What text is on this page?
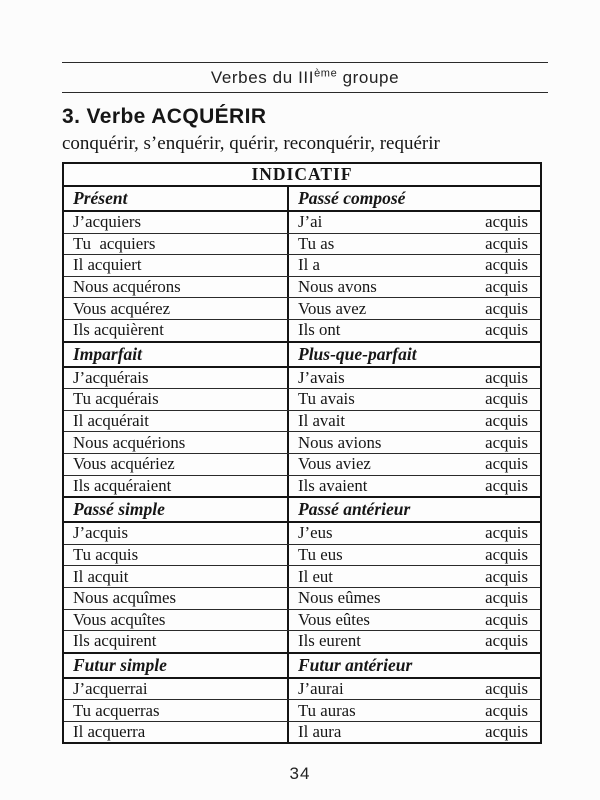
Verbes du IIIème groupe
3. Verbe ACQUÉRIR
conquérir, s’enquérir, quérir, reconquérir, requérir
INDICATIF
Présent	Passé composé
J’acquiers	J’ai	acquis
Tu  acquiers	Tu as	acquis
Il acquiert	Il a	acquis
Nous acquérons	Nous avons	acquis
Vous acquérez	Vous avez	acquis
Ils acquièrent	Ils ont	acquis
Imparfait	Plus-que-parfait
J’acquérais	J’avais	acquis
Tu acquérais	Tu avais	acquis
Il acquérait	Il avait	acquis
Nous acquérions	Nous avions	acquis
Vous acquériez	Vous aviez	acquis
Ils acquéraient	Ils avaient	acquis
Passé simple	Passé antérieur
J’acquis	J’eus	acquis
Tu acquis	Tu eus	acquis
Il acquit	Il eut	acquis
Nous acquîmes	Nous eûmes	acquis
Vous acquîtes	Vous eûtes	acquis
Ils acquirent	Ils eurent	acquis
Futur simple	Futur antérieur
J’acquerrai	J’aurai	acquis
Tu acquerras	Tu auras	acquis
Il acquerra	Il aura	acquis
34
